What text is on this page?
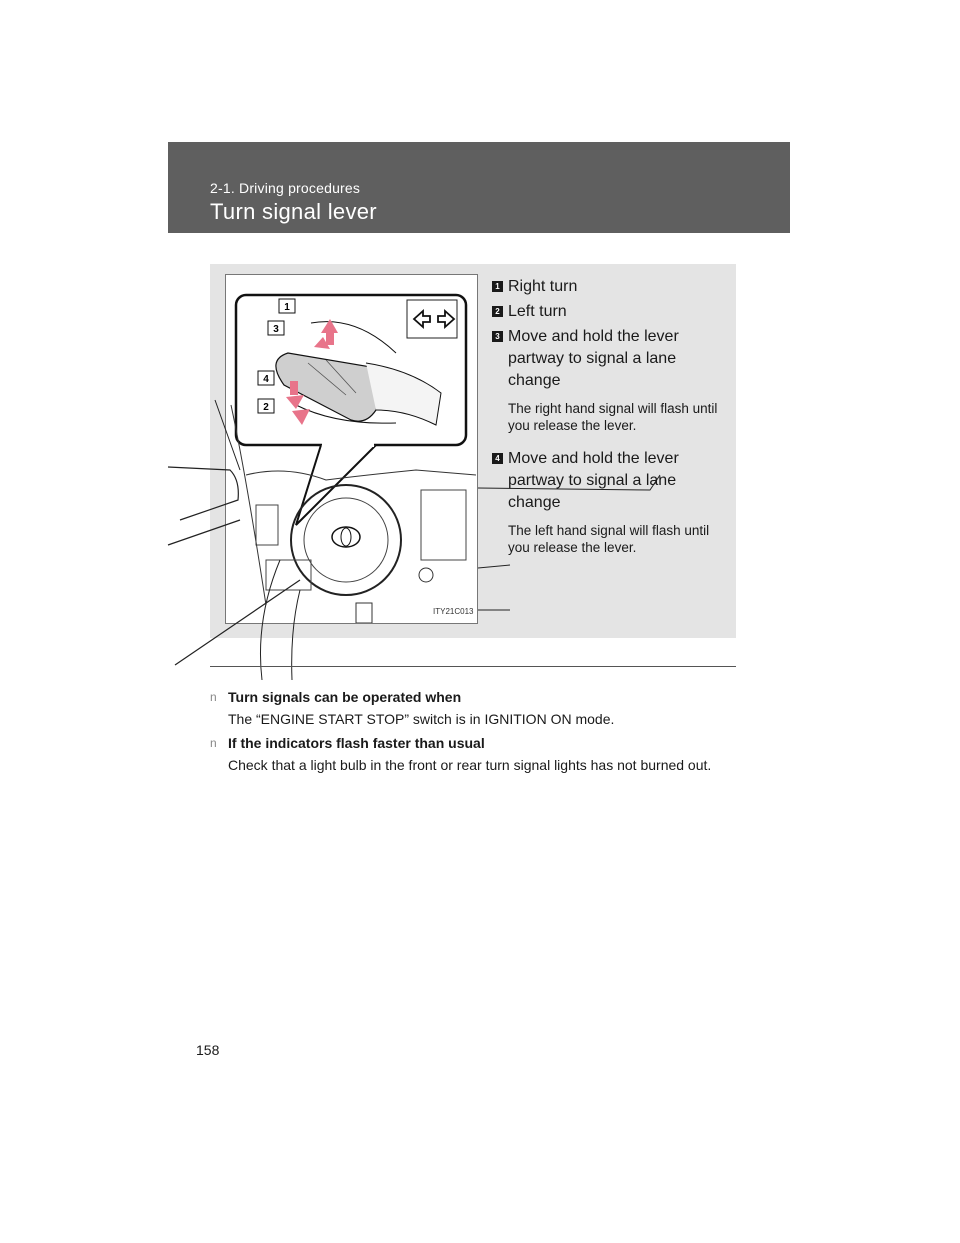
2-1. Driving procedures
Turn signal lever
1
3
4
2
ITY21C013
1 Right turn
2 Left turn
3 Move and hold the lever partway to signal a lane change
The right hand signal will flash until you release the lever.
4 Move and hold the lever partway to signal a lane change
The left hand signal will flash until you release the lever.
n Turn signals can be operated when
The “ENGINE START STOP” switch is in IGNITION ON mode.
n If the indicators flash faster than usual
Check that a light bulb in the front or rear turn signal lights has not burned out.
158
